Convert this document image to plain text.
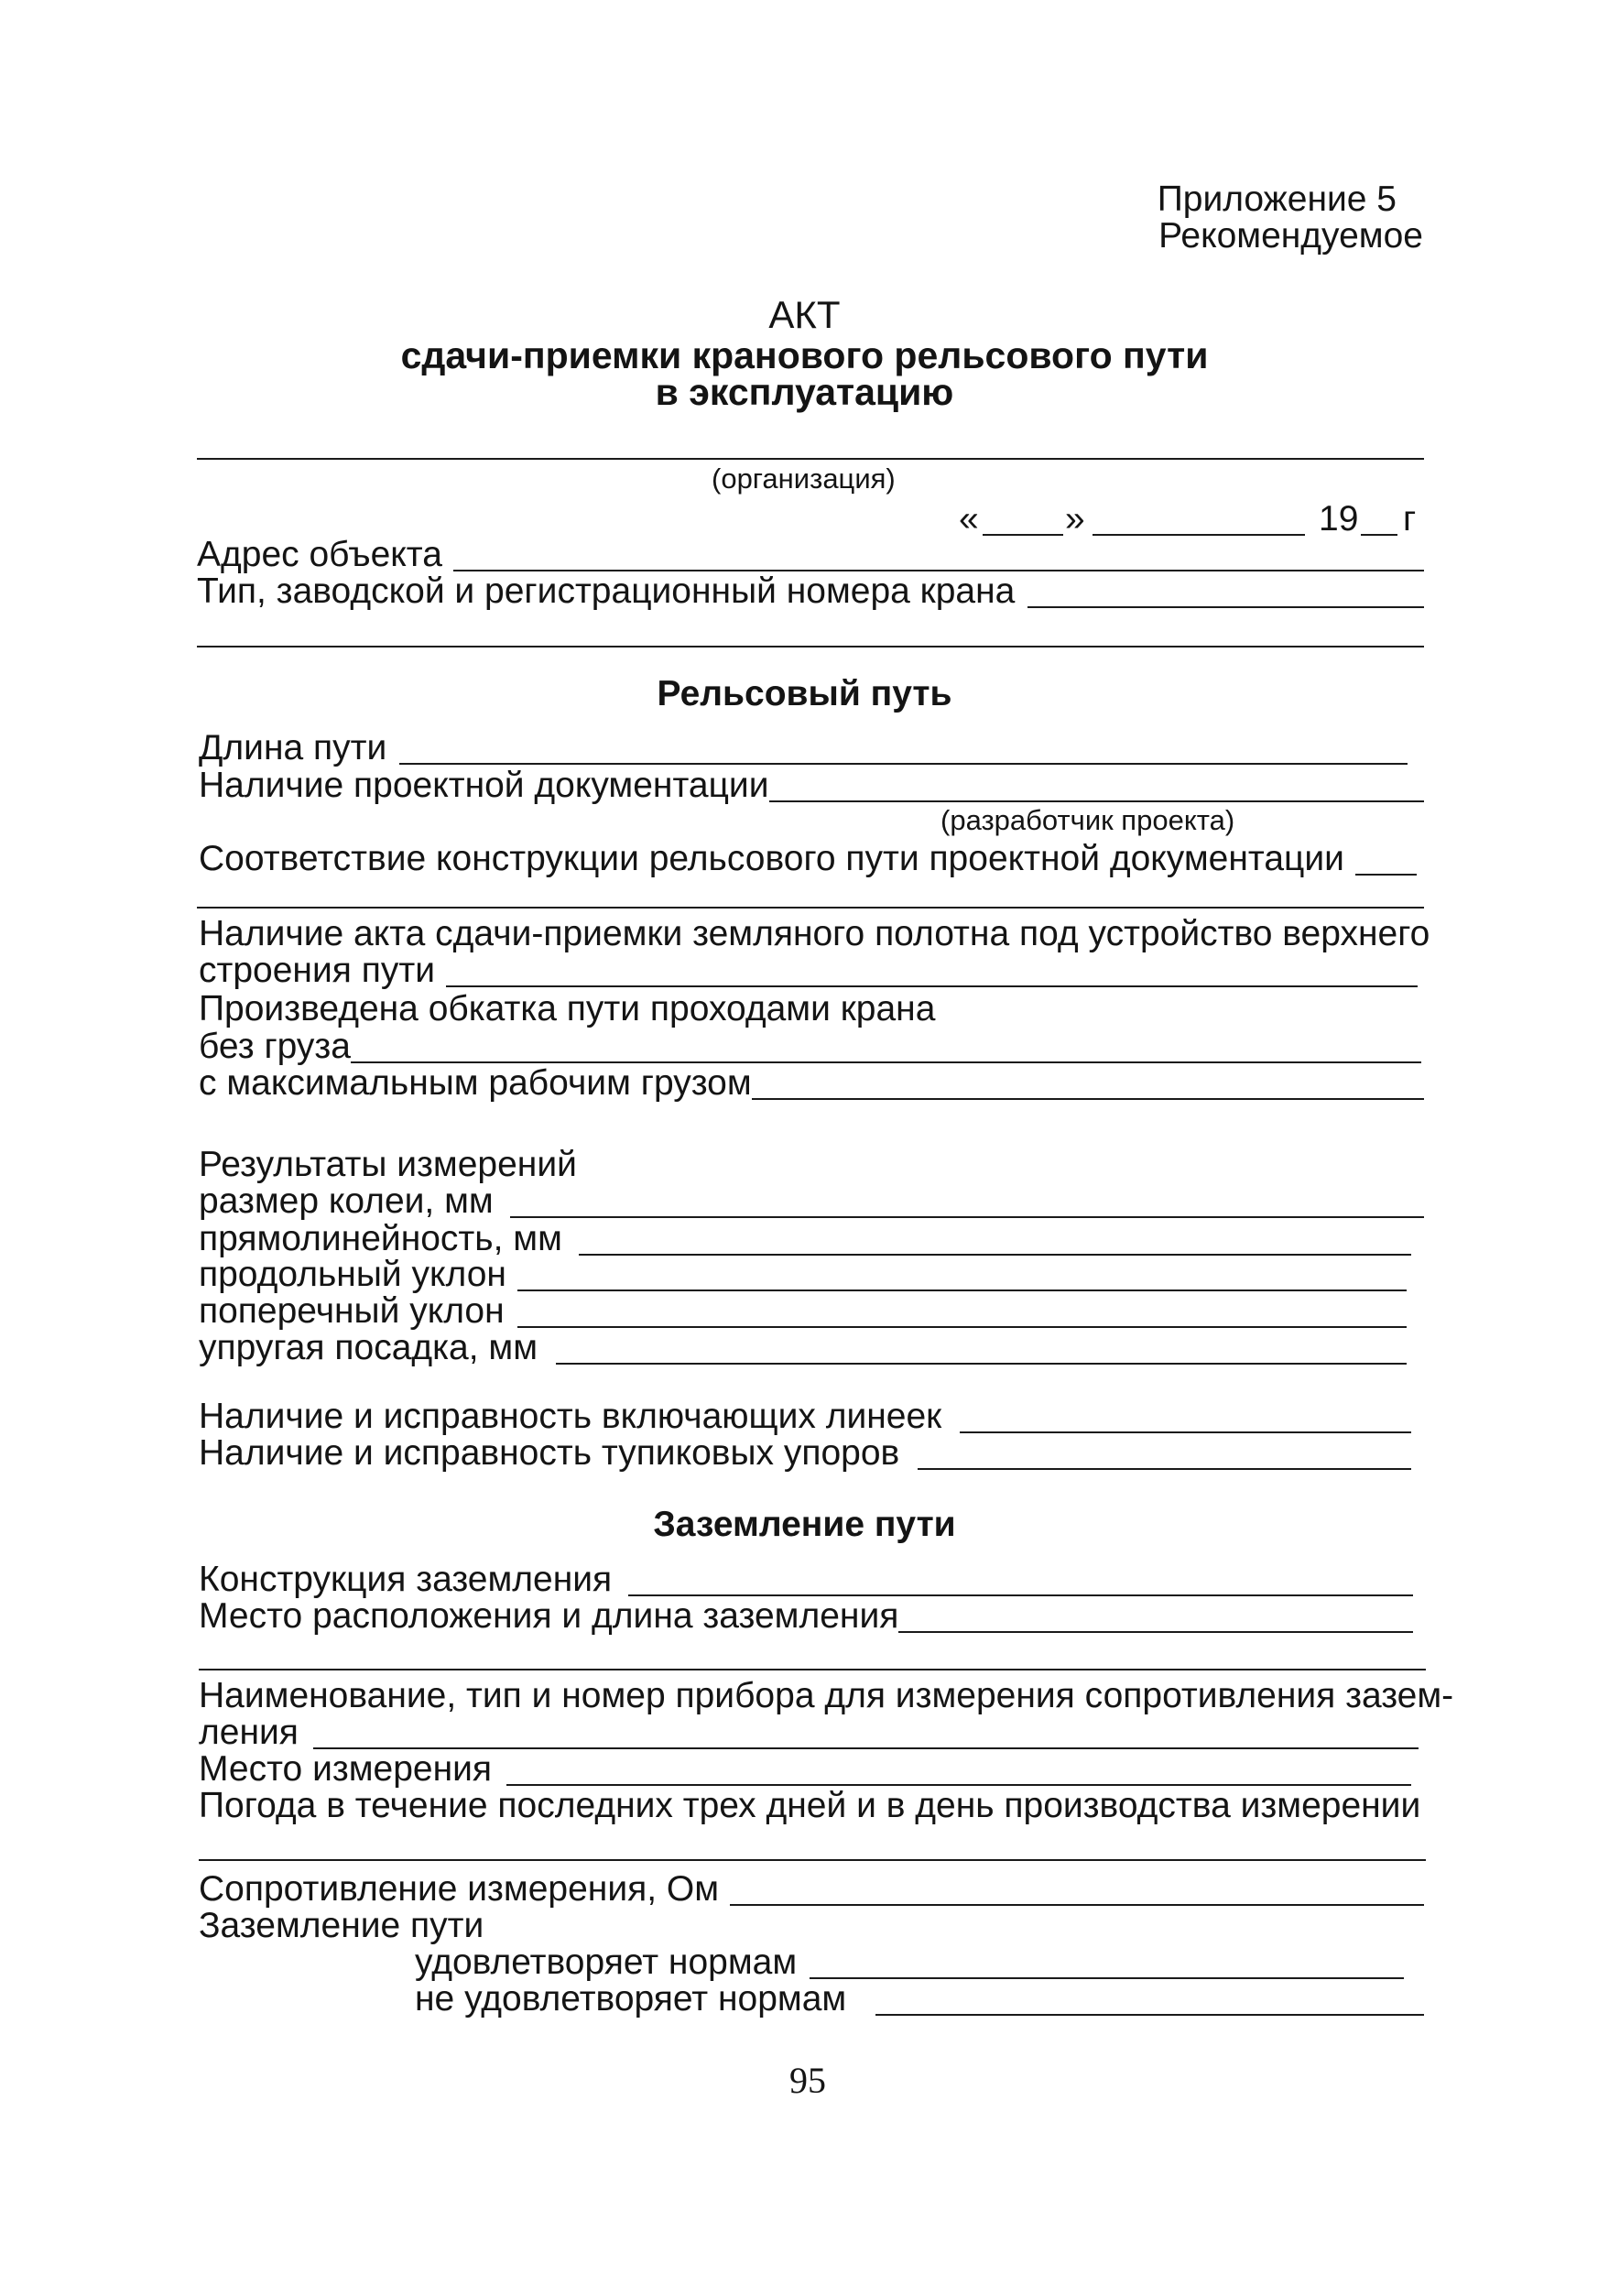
Приложение 5
Рекомендуемое
АКТ
сдачи-приемки кранового рельсового пути
в эксплуатацию
(организация)
« »	19 г
Адрес объекта
Тип, заводской и регистрационный номера крана
Рельсовый путь
Длина пути
Наличие проектной документации
(разработчик проекта)
Соответствие конструкции рельсового пути проектной документации
Наличие акта сдачи-приемки земляного полотна под устройство верхнего
строения пути
Произведена обкатка пути проходами крана
без груза
с максимальным рабочим грузом
Результаты измерений
размер колеи, мм
прямолинейность, мм
продольный уклон
поперечный уклон
упругая посадка, мм
Наличие и исправность включающих линеек
Наличие и исправность тупиковых упоров
Заземление пути
Конструкция заземления
Место расположения и длина заземления
Наименование, тип и номер прибора для измерения сопротивления зазем-
ления
Место измерения
Погода в течение последних трех дней и в день производства измерении
Сопротивление измерения, Ом
Заземление пути
удовлетворяет нормам
не удовлетворяет нормам
95
